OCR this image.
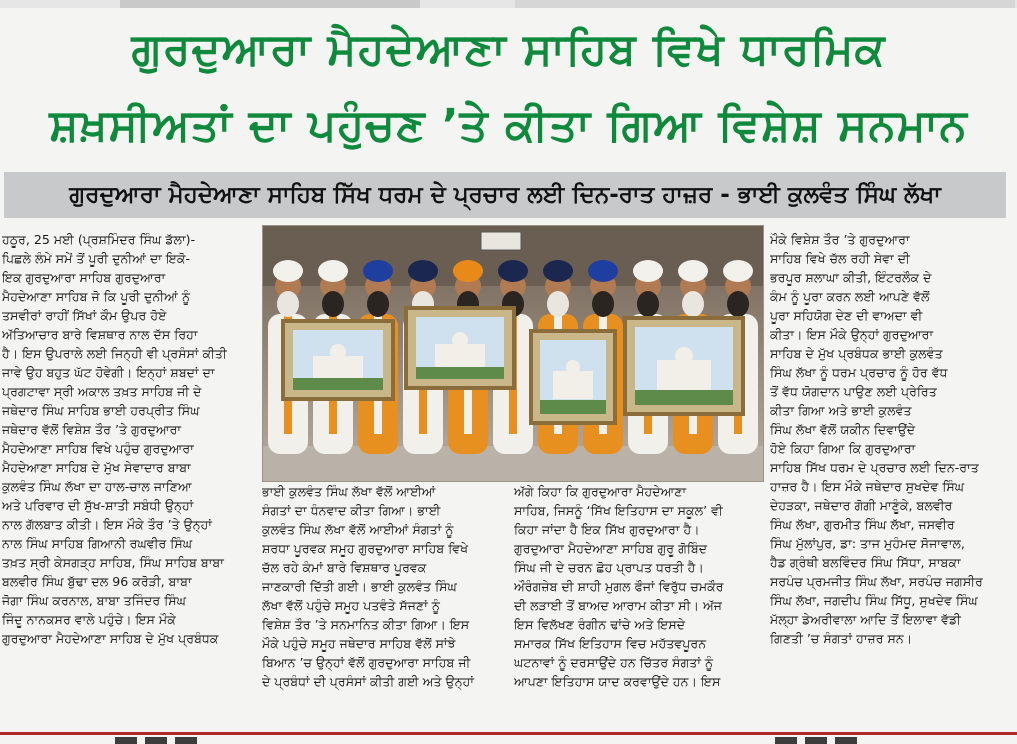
ਗੁਰਦੁਆਰਾ ਮੈਹਦੇਆਣਾ ਸਾਹਿਬ ਵਿਖੇ ਧਾਰਮਿਕ
ਸ਼ਖ਼ਸੀਅਤਾਂ ਦਾ ਪਹੁੰਚਣ ’ਤੇ ਕੀਤਾ ਗਿਆ ਵਿਸ਼ੇਸ਼ ਸਨਮਾਨ
ਗੁਰਦੁਆਰਾ ਮੈਹਦੇਆਣਾ ਸਾਹਿਬ ਸਿੱਖ ਧਰਮ ਦੇ ਪ੍ਰਚਾਰ ਲਈ ਦਿਨ-ਰਾਤ ਹਾਜ਼ਰ - ਭਾਈ ਕੁਲਵੰਤ ਸਿੰਘ ਲੱਖਾ
ਹਠੂਰ, 25 ਮਈ (ਪ੍ਰਸ਼ਮਿੰਦਰ ਸਿੰਘ ਡੱਲਾ)-
ਪਿਛਲੇ ਲੰਮੇ ਸਮੇਂ ਤੋਂ ਪੂਰੀ ਦੁਨੀਆਂ ਦਾ ਇਕੋ-
ਇਕ ਗੁਰਦੁਆਰਾ ਸਾਹਿਬ ਗੁਰਦੁਆਰਾ
ਮੈਹਦੇਆਣਾ ਸਾਹਿਬ ਜੋ ਕਿ ਪੂਰੀ ਦੁਨੀਆਂ ਨੂੰ
ਤਸਵੀਰਾਂ ਰਾਹੀਂ ਸਿੱਖਾਂ ਕੌਮ ਉਪਰ ਹੋਏ
ਅੱਤਿਆਚਾਰ ਬਾਰੇ ਵਿਸ਼ਥਾਰ ਨਾਲ ਦੱਸ ਰਿਹਾ
ਹੈ। ਇਸ ਉਪਰਾਲੇ ਲਈ ਜਿਨ੍ਹੀ ਵੀ ਪ੍ਰਸੰਸਾਂ ਕੀਤੀ
ਜਾਵੇ ਉਹ ਬਹੁਤ ਘੱਟ ਹੋਵੇਗੀ। ਇਨ੍ਹਾਂ ਸ਼ਬਦਾਂ ਦਾ
ਪ੍ਰਗਟਾਵਾ ਸ੍ਰੀ ਅਕਾਲ ਤਖ਼ਤ ਸਾਹਿਬ ਜੀ ਦੇ
ਜਥੇਦਾਰ ਸਿੰਘ ਸਾਹਿਬ ਭਾਈ ਹਰਪ੍ਰੀਤ ਸਿੰਘ
ਜਥੇਦਾਰ ਵੱਲੋਂ ਵਿਸ਼ੇਸ਼ ਤੌਰ ’ਤੇ ਗੁਰਦੁਆਰਾ
ਮੈਹਦੇਆਣਾ ਸਾਹਿਬ ਵਿਖੇ ਪਹੁੰਚ ਗੁਰਦੁਆਰਾ
ਮੈਹਦੇਆਣਾ ਸਾਹਿਬ ਦੇ ਮੁੱਖ ਸੇਵਾਦਾਰ ਬਾਬਾ
ਕੁਲਵੰਤ ਸਿੰਘ ਲੱਖਾ ਦਾ ਹਾਲ-ਚਾਲ ਜਾਣਿਆ
ਅਤੇ ਪਰਿਵਾਰ ਦੀ ਸੁੱਖ-ਸ਼ਾਤੀ ਸਬੰਧੀ ਉਨ੍ਹਾਂ
ਨਾਲ ਗੱਲਬਾਤ ਕੀਤੀ। ਇਸ ਮੌਕੇ ਤੌਰ ’ਤੇ ਉਨ੍ਹਾਂ
ਨਾਲ ਸਿੰਘ ਸਾਹਿਬ ਗਿਆਨੀ ਰਘਵੀਰ ਸਿੰਘ
ਤਖ਼ਤ ਸ੍ਰੀ ਕੇਸਗੜ੍ਹ ਸਾਹਿਬ, ਸਿੰਘ ਸਾਹਿਬ ਬਾਬਾ
ਬਲਵੀਰ ਸਿੰਘ ਬੁੱਢਾ ਦਲ 96 ਕਰੋੜੀ, ਬਾਬਾ
ਜੋਗਾ ਸਿੰਘ ਕਰਨਾਲ, ਬਾਬਾ ਤਜਿੰਦਰ ਸਿੰਘ
ਜਿੰਦੂ ਨਾਨਕਸਰ ਵਾਲੇ ਪਹੁੰਚੇ। ਇਸ ਮੌਕੇ
ਗੁਰਦੁਆਰਾ ਮੈਹਦੇਆਣਾ ਸਾਹਿਬ ਦੇ ਮੁੱਖ ਪ੍ਰਬੰਧਕ
ਭਾਈ ਕੁਲਵੰਤ ਸਿੰਘ ਲੱਖਾ ਵੱਲੋਂ ਆਈਆਂ
ਸੰਗਤਾਂ ਦਾ ਧੰਨਵਾਦ ਕੀਤਾ ਗਿਆ। ਭਾਈ
ਕੁਲਵੰਤ ਸਿੰਘ ਲੱਖਾ ਵੱਲੋਂ ਆਈਆਂ ਸੰਗਤਾਂ ਨੂੰ
ਸ਼ਰਧਾ ਪੂਰਵਕ ਸਮੂਹ ਗੁਰਦੁਆਰਾ ਸਾਹਿਬ ਵਿਖੇ
ਚੱਲ ਰਹੇ ਕੰਮਾਂ ਬਾਰੇ ਵਿਸ਼ਥਾਰ ਪੂਰਵਕ
ਜਾਣਕਾਰੀ ਦਿੱਤੀ ਗਈ। ਭਾਈ ਕੁਲਵੰਤ ਸਿੰਘ
ਲੱਖਾ ਵੱਲੋਂ ਪਹੁੰਚੇ ਸਮੂਹ ਪਤਵੰਤੇ ਸੱਜਣਾਂ ਨੂੰ
ਵਿਸ਼ੇਸ਼ ਤੌਰ ’ਤੇ ਸਨਮਾਨਿਤ ਕੀਤਾ ਗਿਆ। ਇਸ
ਮੌਕੇ ਪਹੁੰਚੇ ਸਮੂਹ ਜਥੇਦਾਰ ਸਾਹਿਬ ਵੱਲੋਂ ਸਾਂਝੇ
ਬਿਆਨ ’ਚ ਉਨ੍ਹਾਂ ਵੱਲੋਂ ਗੁਰਦੁਆਰਾ ਸਾਹਿਬ ਜੀ
ਦੇ ਪ੍ਰਬੰਧਾਂ ਦੀ ਪ੍ਰਸੰਸਾਂ ਕੀਤੀ ਗਈ ਅਤੇ ਉਨ੍ਹਾਂ
ਅੱਗੇ ਕਿਹਾ ਕਿ ਗੁਰਦੁਆਰਾ ਮੈਹਦੇਆਣਾ
ਸਾਹਿਬ, ਜਿਸਨੂੰ ‘ਸਿੱਖ ਇਤਿਹਾਸ ਦਾ ਸਕੂਲ’ ਵੀ
ਕਿਹਾ ਜਾਂਦਾ ਹੈ ਇਕ ਸਿੱਖ ਗੁਰਦੁਆਰਾ ਹੈ।
ਗੁਰਦੁਆਰਾ ਮੈਹਦੇਆਣਾ ਸਾਹਿਬ ਗੁਰੂ ਗੋਬਿੰਦ
ਸਿੰਘ ਜੀ ਦੇ ਚਰਨ ਛੋਹ ਪ੍ਰਾਪਤ ਧਰਤੀ ਹੈ।
ਔਰੰਗਜ਼ੇਬ ਦੀ ਸ਼ਾਹੀ ਮੁਗਲ ਫੌਜਾਂ ਵਿਰੁੱਧ ਚਮਕੌਰ
ਦੀ ਲੜਾਈ ਤੋਂ ਬਾਅਦ ਆਰਾਮ ਕੀਤਾ ਸੀ। ਅੱਜ
ਇਸ ਵਿਲੱਖਣ ਰੰਗੀਨ ਢਾਂਚੇ ਅਤੇ ਇਸਦੇ
ਸਮਾਰਕ ਸਿੱਖ ਇਤਿਹਾਸ ਵਿਚ ਮਹੱਤਵਪੂਰਨ
ਘਟਨਾਵਾਂ ਨੂੰ ਦਰਸਾਉਂਦੇ ਹਨ ਚਿੱਤਰ ਸੰਗਤਾਂ ਨੂੰ
ਆਪਣਾ ਇਤਿਹਾਸ ਯਾਦ ਕਰਵਾਉਂਦੇ ਹਨ। ਇਸ
ਮੌਕੇ ਵਿਸ਼ੇਸ਼ ਤੌਰ ’ਤੇ ਗੁਰਦੁਆਰਾ
ਸਾਹਿਬ ਵਿਖੇ ਚੱਲ ਰਹੀ ਸੇਵਾ ਦੀ
ਭਰਪੂਰ ਸ਼ਲਾਘਾ ਕੀਤੀ, ਇੰਟਰਲੌਕ ਦੇ
ਕੰਮ ਨੂੰ ਪੂਰਾ ਕਰਨ ਲਈ ਆਪਣੇ ਵੱਲੋਂ
ਪੂਰਾ ਸਹਿਯੋਗ ਦੇਣ ਦੀ ਵਾਅਦਾ ਵੀ
ਕੀਤਾ। ਇਸ ਮੌਕੇ ਉਨ੍ਹਾਂ ਗੁਰਦੁਆਰਾ
ਸਾਹਿਬ ਦੇ ਮੁੱਖ ਪ੍ਰਬੰਧਕ ਭਾਈ ਕੁਲਵੰਤ
ਸਿੰਘ ਲੱਖਾ ਨੂੰ ਧਰਮ ਪ੍ਰਚਾਰ ਨੂੰ ਹੋਰ ਵੱਧ
ਤੋਂ ਵੱਧ ਯੋਗਦਾਨ ਪਾਉਣ ਲਈ ਪ੍ਰੇਰਿਤ
ਕੀਤਾ ਗਿਆ ਅਤੇ ਭਾਈ ਕੁਲਵੰਤ
ਸਿੰਘ ਲੱਖਾ ਵੱਲੋਂ ਯਕੀਨ ਦਿਵਾਉਂਦੇ
ਹੋਏ ਕਿਹਾ ਗਿਆ ਕਿ ਗੁਰਦੁਆਰਾ
ਸਾਹਿਬ ਸਿੱਖ ਧਰਮ ਦੇ ਪ੍ਰਚਾਰ ਲਈ ਦਿਨ-ਰਾਤ
ਹਾਜ਼ਰ ਹੈ। ਇਸ ਮੌਕੇ ਜਥੇਦਾਰ ਸੁਖਦੇਵ ਸਿੰਘ
ਦੇਹੜਕਾ, ਜਥੇਦਾਰ ਗੋਗੀ ਮਾਣੂੰਕੇ, ਬਲਵੀਰ
ਸਿੰਘ ਲੱਖਾ, ਗੁਰਮੀਤ ਸਿੰਘ ਲੱਖਾ, ਜਸਵੀਰ
ਸਿੰਘ ਮੁੱਲਾਂਪੁਰ, ਡਾ: ਤਾਜ ਮੁਹੰਮਦ ਸੋਜਾਵਾਲ,
ਹੈਡ ਗ੍ਰੰਥੀ ਬਲਵਿੰਦਰ ਸਿੰਘ ਸਿੱਧਾ, ਸਾਬਕਾ
ਸਰਪੰਚ ਪ੍ਰਮਜੀਤ ਸਿੰਘ ਲੱਖਾ, ਸਰਪੰਚ ਜਗਸੀਰ
ਸਿੰਘ ਲੱਖਾ, ਜਗਦੀਪ ਸਿੰਘ ਸਿੱਧੂ, ਸੁਖਦੇਵ ਸਿੰਘ
ਮੱਲ੍ਹਾ ਡੇਅਰੀਵਾਲਾ ਆਦਿ ਤੋਂ ਇਲਾਵਾ ਵੱਡੀ
ਗਿਣਤੀ ’ਚ ਸੰਗਤਾਂ ਹਾਜ਼ਰ ਸਨ।
